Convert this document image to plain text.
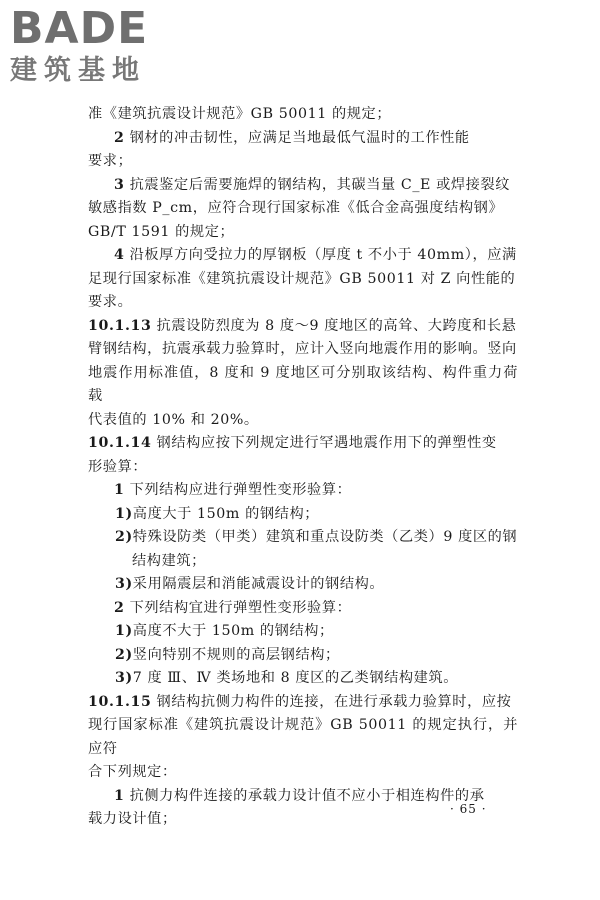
BADE
建筑基地

准《建筑抗震设计规范》GB 50011 的规定；

2 钢材的冲击韧性，应满足当地最低气温时的工作性能

要求；

3 抗震鉴定后需要施焊的钢结构，其碳当量 C_E 或焊接裂纹

敏感指数 P_cm，应符合现行国家标准《低合金高强度结构钢》

GB/T 1591 的规定；

4 沿板厚方向受拉力的厚钢板（厚度 t 不小于 40mm），应满

足现行国家标准《建筑抗震设计规范》GB 50011 对 Z 向性能的

要求。

10.1.13 抗震设防烈度为 8 度～9 度地区的高耸、大跨度和长悬

臂钢结构，抗震承载力验算时，应计入竖向地震作用的影响。竖向

地震作用标准值，8 度和 9 度地区可分别取该结构、构件重力荷载

代表值的 10% 和 20%。

10.1.14 钢结构应按下列规定进行罕遇地震作用下的弹塑性变

形验算：

1 下列结构应进行弹塑性变形验算：

1)高度大于 150m 的钢结构；

2)特殊设防类（甲类）建筑和重点设防类（乙类）9 度区的钢

结构建筑；

3)采用隔震层和消能减震设计的钢结构。

2 下列结构宜进行弹塑性变形验算：

1)高度不大于 150m 的钢结构；

2)竖向特别不规则的高层钢结构；

3)7 度 Ⅲ、Ⅳ 类场地和 8 度区的乙类钢结构建筑。

10.1.15 钢结构抗侧力构件的连接，在进行承载力验算时，应按

现行国家标准《建筑抗震设计规范》GB 50011 的规定执行，并应符

合下列规定：

1 抗侧力构件连接的承载力设计值不应小于相连构件的承

载力设计值；

· 65 ·
